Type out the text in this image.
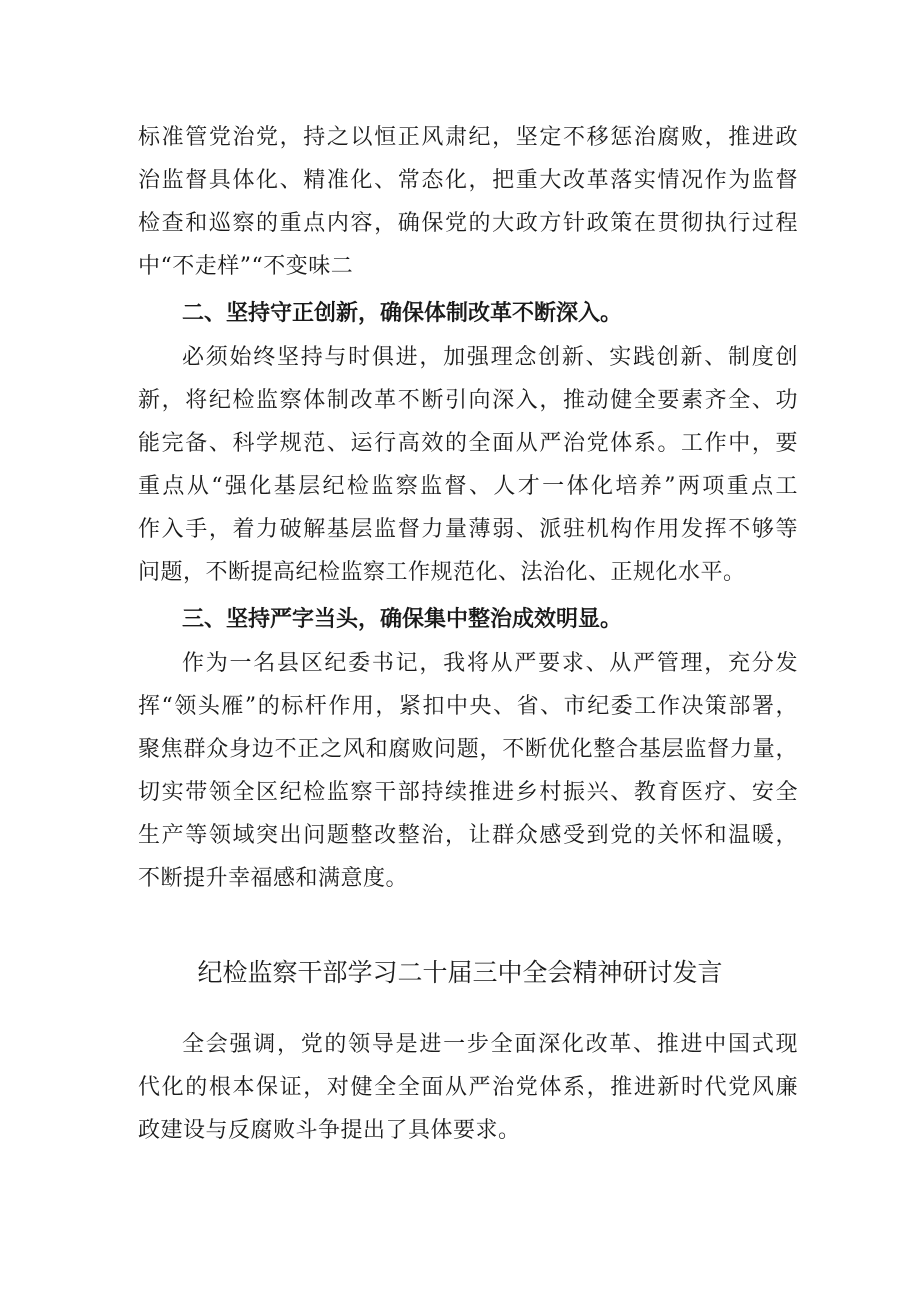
标准管党治党，持之以恒正风肃纪，坚定不移惩治腐败，推进政
治监督具体化、精准化、常态化，把重大改革落实情况作为监督
检查和巡察的重点内容，确保党的大政方针政策在贯彻执行过程
中“不走样”“不变味二
二、坚持守正创新，确保体制改革不断深入。
必须始终坚持与时俱进，加强理念创新、实践创新、制度创
新，将纪检监察体制改革不断引向深入，推动健全要素齐全、功
能完备、科学规范、运行高效的全面从严治党体系。工作中，要
重点从“强化基层纪检监察监督、人才一体化培养”两项重点工
作入手，着力破解基层监督力量薄弱、派驻机构作用发挥不够等
问题，不断提高纪检监察工作规范化、法治化、正规化水平。
三、坚持严字当头，确保集中整治成效明显。
作为一名县区纪委书记，我将从严要求、从严管理，充分发
挥“领头雁”的标杆作用，紧扣中央、省、市纪委工作决策部署，
聚焦群众身边不正之风和腐败问题，不断优化整合基层监督力量，
切实带领全区纪检监察干部持续推进乡村振兴、教育医疗、安全
生产等领域突出问题整改整治，让群众感受到党的关怀和温暖，
不断提升幸福感和满意度。
纪检监察干部学习二十届三中全会精神研讨发言
全会强调，党的领导是进一步全面深化改革、推进中国式现
代化的根本保证，对健全全面从严治党体系，推进新时代党风廉
政建设与反腐败斗争提出了具体要求。
